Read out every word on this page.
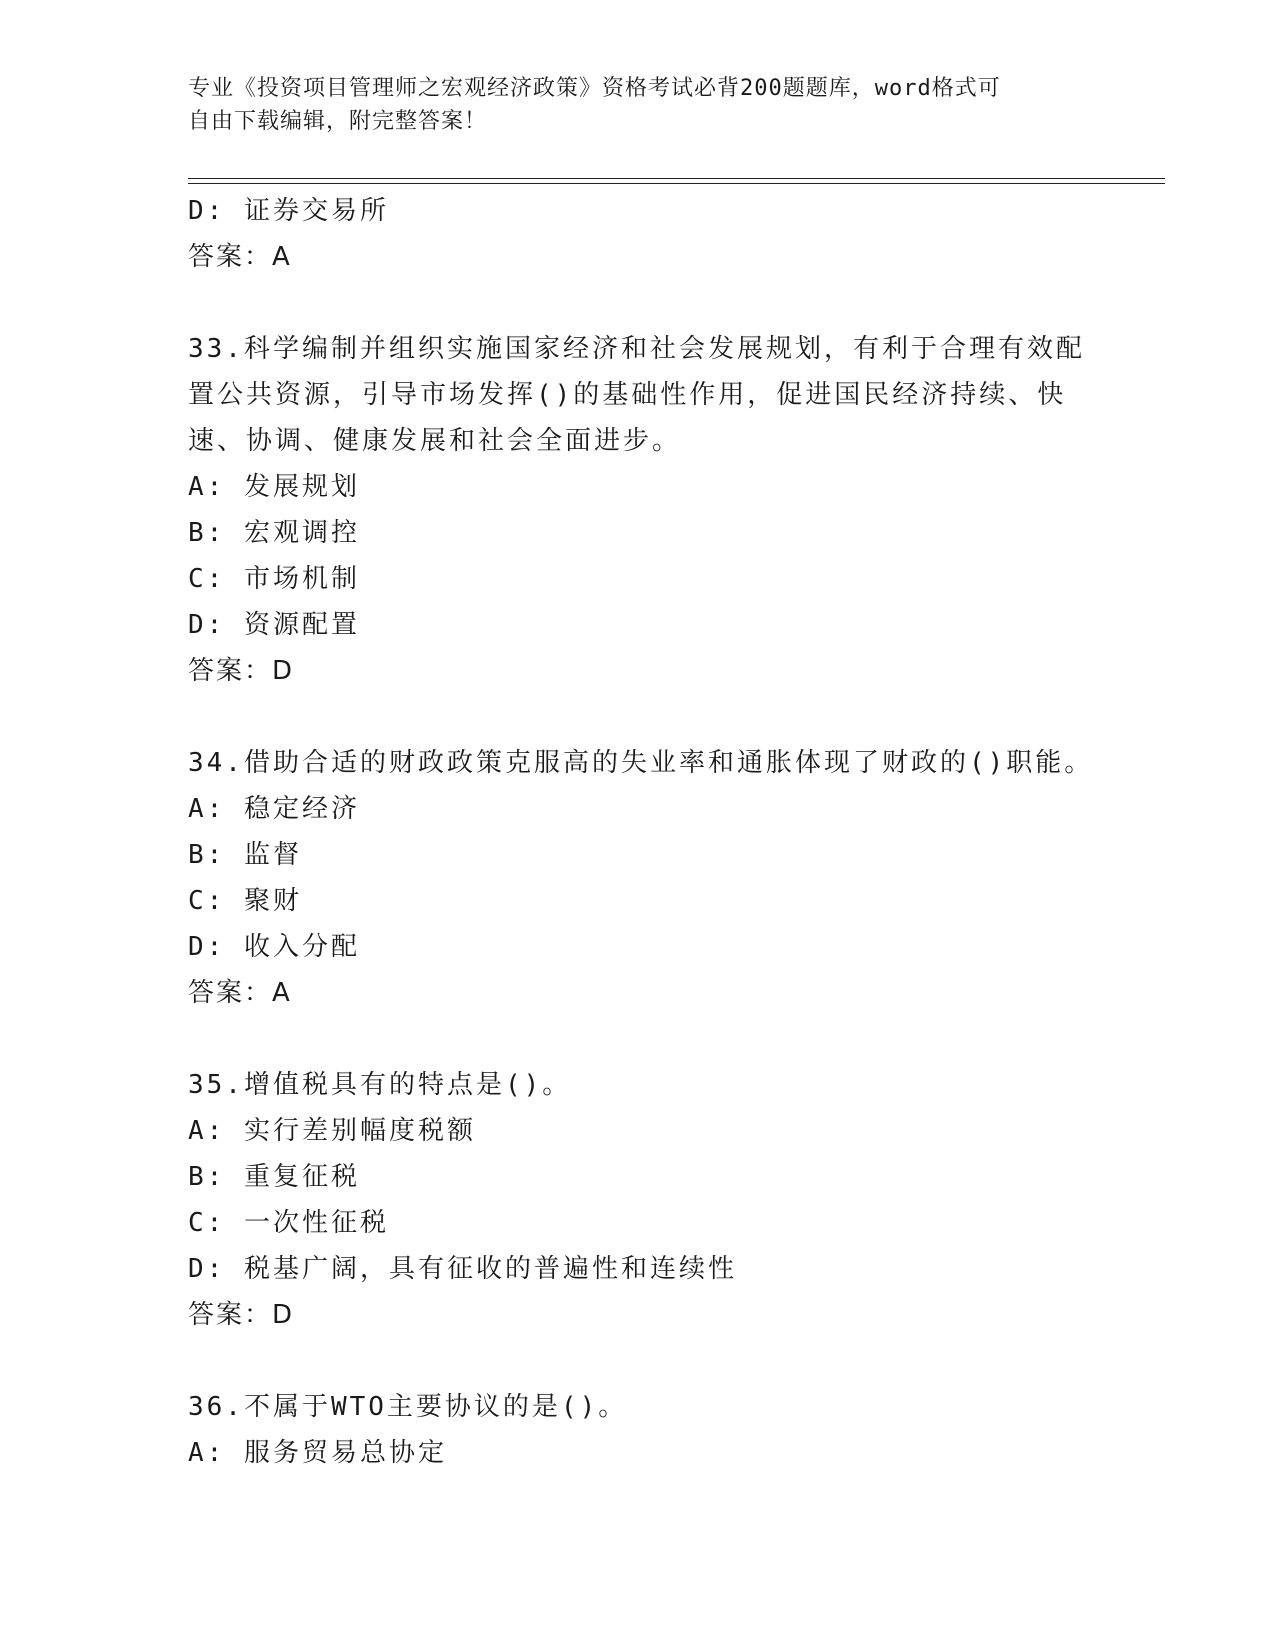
专业《投资项目管理师之宏观经济政策》资格考试必背200题题库，word格式可
自由下载编辑，附完整答案！
D: 证券交易所
答案：A
33.科学编制并组织实施国家经济和社会发展规划，有利于合理有效配
置公共资源，引导市场发挥()的基础性作用，促进国民经济持续、快
速、协调、健康发展和社会全面进步。
A: 发展规划
B: 宏观调控
C: 市场机制
D: 资源配置
答案：D
34.借助合适的财政政策克服高的失业率和通胀体现了财政的()职能。
A: 稳定经济
B: 监督
C: 聚财
D: 收入分配
答案：A
35.增值税具有的特点是()。
A: 实行差别幅度税额
B: 重复征税
C: 一次性征税
D: 税基广阔，具有征收的普遍性和连续性
答案：D
36.不属于WTO主要协议的是()。
A: 服务贸易总协定
